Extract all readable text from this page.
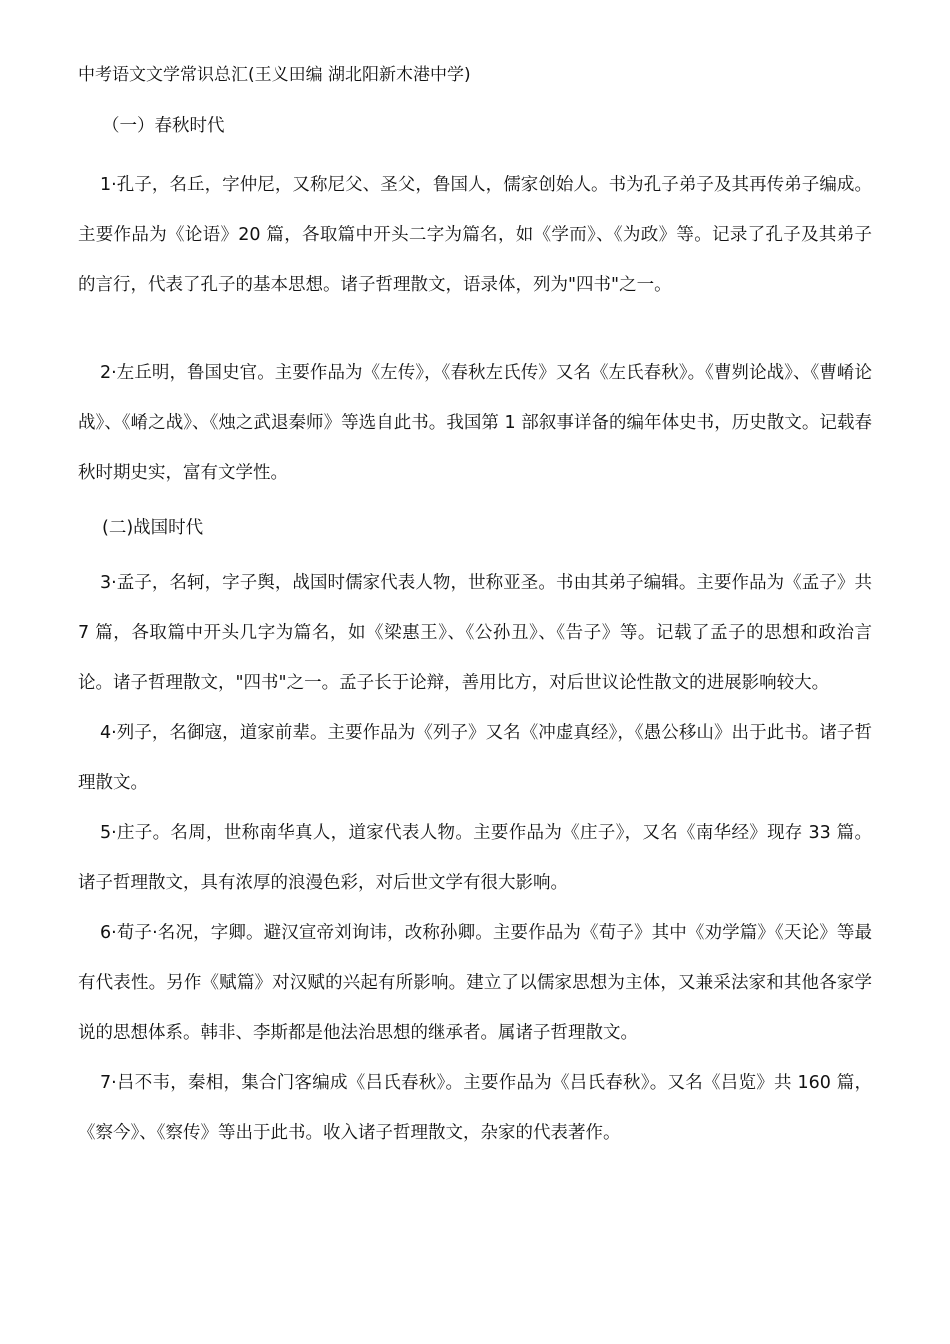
中考语文文学常识总汇(王义田编 湖北阳新木港中学)
（一）春秋时代

1·孔子，名丘，字仲尼，又称尼父、圣父，鲁国人，儒家创始人。书为孔子弟子及其再传弟子编成。主要作品为《论语》20 篇，各取篇中开头二字为篇名，如《学而》、《为政》等。记录了孔子及其弟子的言行，代表了孔子的基本思想。诸子哲理散文，语录体，列为"四书"之一。

2·左丘明，鲁国史官。主要作品为《左传》，《春秋左氏传》又名《左氏春秋》。《曹刿论战》、《曹崤论战》、《崤之战》、《烛之武退秦师》等选自此书。我国第 1 部叙事详备的编年体史书，历史散文。记载春秋时期史实，富有文学性。

(二)战国时代

3·孟子，名轲，字子舆，战国时儒家代表人物，世称亚圣。书由其弟子编辑。主要作品为《孟子》共 7 篇，各取篇中开头几字为篇名，如《梁惠王》、《公孙丑》、《告子》等。记载了孟子的思想和政治言论。诸子哲理散文，"四书"之一。孟子长于论辩，善用比方，对后世议论性散文的进展影响较大。

4·列子，名御寇，道家前辈。主要作品为《列子》又名《冲虚真经》，《愚公移山》出于此书。诸子哲理散文。

5·庄子。名周，世称南华真人，道家代表人物。主要作品为《庄子》，又名《南华经》现存 33 篇。诸子哲理散文，具有浓厚的浪漫色彩，对后世文学有很大影响。

6·荀子·名况，字卿。避汉宣帝刘询讳，改称孙卿。主要作品为《荀子》其中《劝学篇》《天论》等最有代表性。另作《赋篇》对汉赋的兴起有所影响。建立了以儒家思想为主体，又兼采法家和其他各家学说的思想体系。韩非、李斯都是他法治思想的继承者。属诸子哲理散文。

7·吕不韦，秦相，集合门客编成《吕氏春秋》。主要作品为《吕氏春秋》。又名《吕览》共 160 篇，《察今》、《察传》等出于此书。收入诸子哲理散文，杂家的代表著作。
